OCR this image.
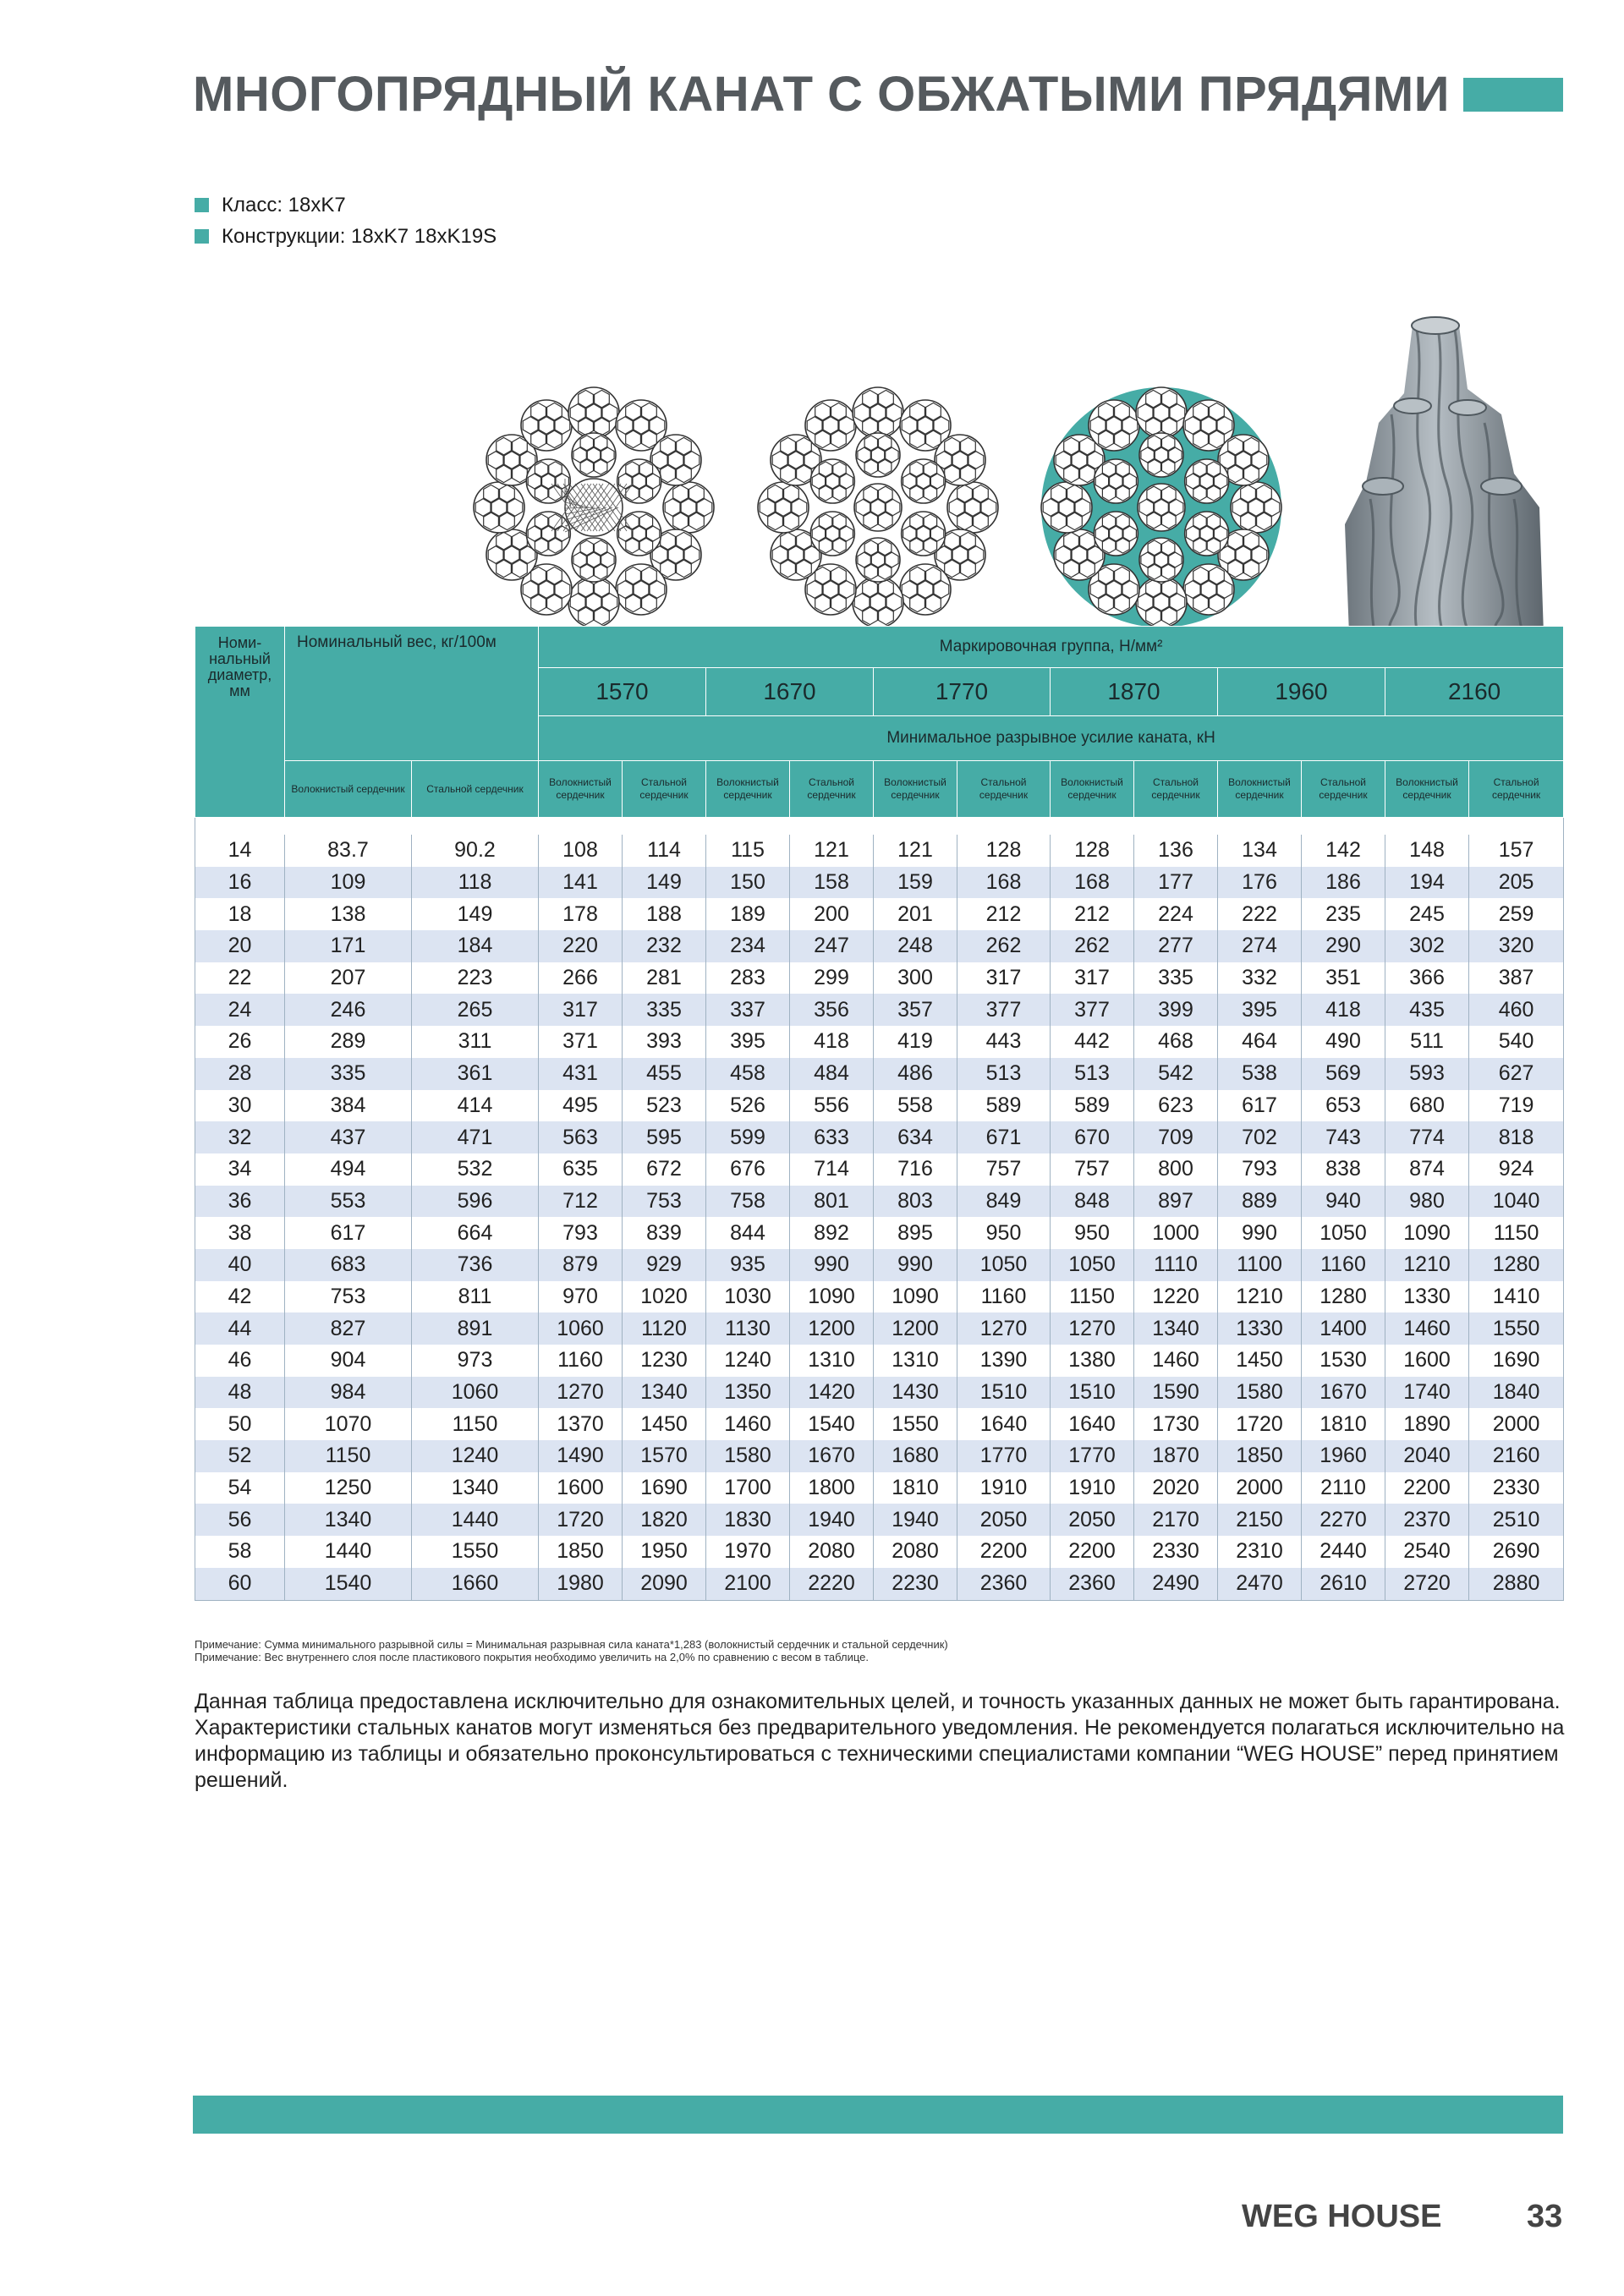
МНОГОПРЯДНЫЙ КАНАТ С ОБЖАТЫМИ ПРЯДЯМИ
Класс: 18xK7
Конструкции: 18xK7 18xK19S
Номи-нальный диаметр, мм	Номинальный вес, кг/100м		Маркировочная группа, Н/мм²											
			1570		1670		1770		1870		1960		2160	
			Минимальное разрывное усилие каната, кН											
	Волокнистый сердечник	Стальной сердечник	Волокнистый сердечник	Стальной сердечник	Волокнистый сердечник	Стальной сердечник	Волокнистый сердечник	Стальной сердечник	Волокнистый сердечник	Стальной сердечник	Волокнистый сердечник	Стальной сердечник	Волокнистый сердечник	Стальной сердечник

14	83.7	90.2	108	114	115	121	121	128	128	136	134	142	148	157
16	109	118	141	149	150	158	159	168	168	177	176	186	194	205
18	138	149	178	188	189	200	201	212	212	224	222	235	245	259
20	171	184	220	232	234	247	248	262	262	277	274	290	302	320
22	207	223	266	281	283	299	300	317	317	335	332	351	366	387
24	246	265	317	335	337	356	357	377	377	399	395	418	435	460
26	289	311	371	393	395	418	419	443	442	468	464	490	511	540
28	335	361	431	455	458	484	486	513	513	542	538	569	593	627
30	384	414	495	523	526	556	558	589	589	623	617	653	680	719
32	437	471	563	595	599	633	634	671	670	709	702	743	774	818
34	494	532	635	672	676	714	716	757	757	800	793	838	874	924
36	553	596	712	753	758	801	803	849	848	897	889	940	980	1040
38	617	664	793	839	844	892	895	950	950	1000	990	1050	1090	1150
40	683	736	879	929	935	990	990	1050	1050	1110	1100	1160	1210	1280
42	753	811	970	1020	1030	1090	1090	1160	1150	1220	1210	1280	1330	1410
44	827	891	1060	1120	1130	1200	1200	1270	1270	1340	1330	1400	1460	1550
46	904	973	1160	1230	1240	1310	1310	1390	1380	1460	1450	1530	1600	1690
48	984	1060	1270	1340	1350	1420	1430	1510	1510	1590	1580	1670	1740	1840
50	1070	1150	1370	1450	1460	1540	1550	1640	1640	1730	1720	1810	1890	2000
52	1150	1240	1490	1570	1580	1670	1680	1770	1770	1870	1850	1960	2040	2160
54	1250	1340	1600	1690	1700	1800	1810	1910	1910	2020	2000	2110	2200	2330
56	1340	1440	1720	1820	1830	1940	1940	2050	2050	2170	2150	2270	2370	2510
58	1440	1550	1850	1950	1970	2080	2080	2200	2200	2330	2310	2440	2540	2690
60	1540	1660	1980	2090	2100	2220	2230	2360	2360	2490	2470	2610	2720	2880
Примечание: Сумма минимального разрывной силы = Минимальная разрывная сила каната*1,283 (волокнистый сердечник и стальной сердечник)
Примечание: Вес внутреннего слоя после пластикового покрытия необходимо увеличить на 2,0% по сравнению с весом в таблице.
Данная таблица предоставлена исключительно для ознакомительных целей, и точность указанных данных не может быть гарантирована. Характеристики стальных канатов могут изменяться без предварительного уведомления. Не рекомендуется полагаться исключительно на информацию из таблицы и обязательно проконсультироваться с техническими специалистами компании “WEG HOUSE” перед принятием решений.
WEG HOUSE	33
